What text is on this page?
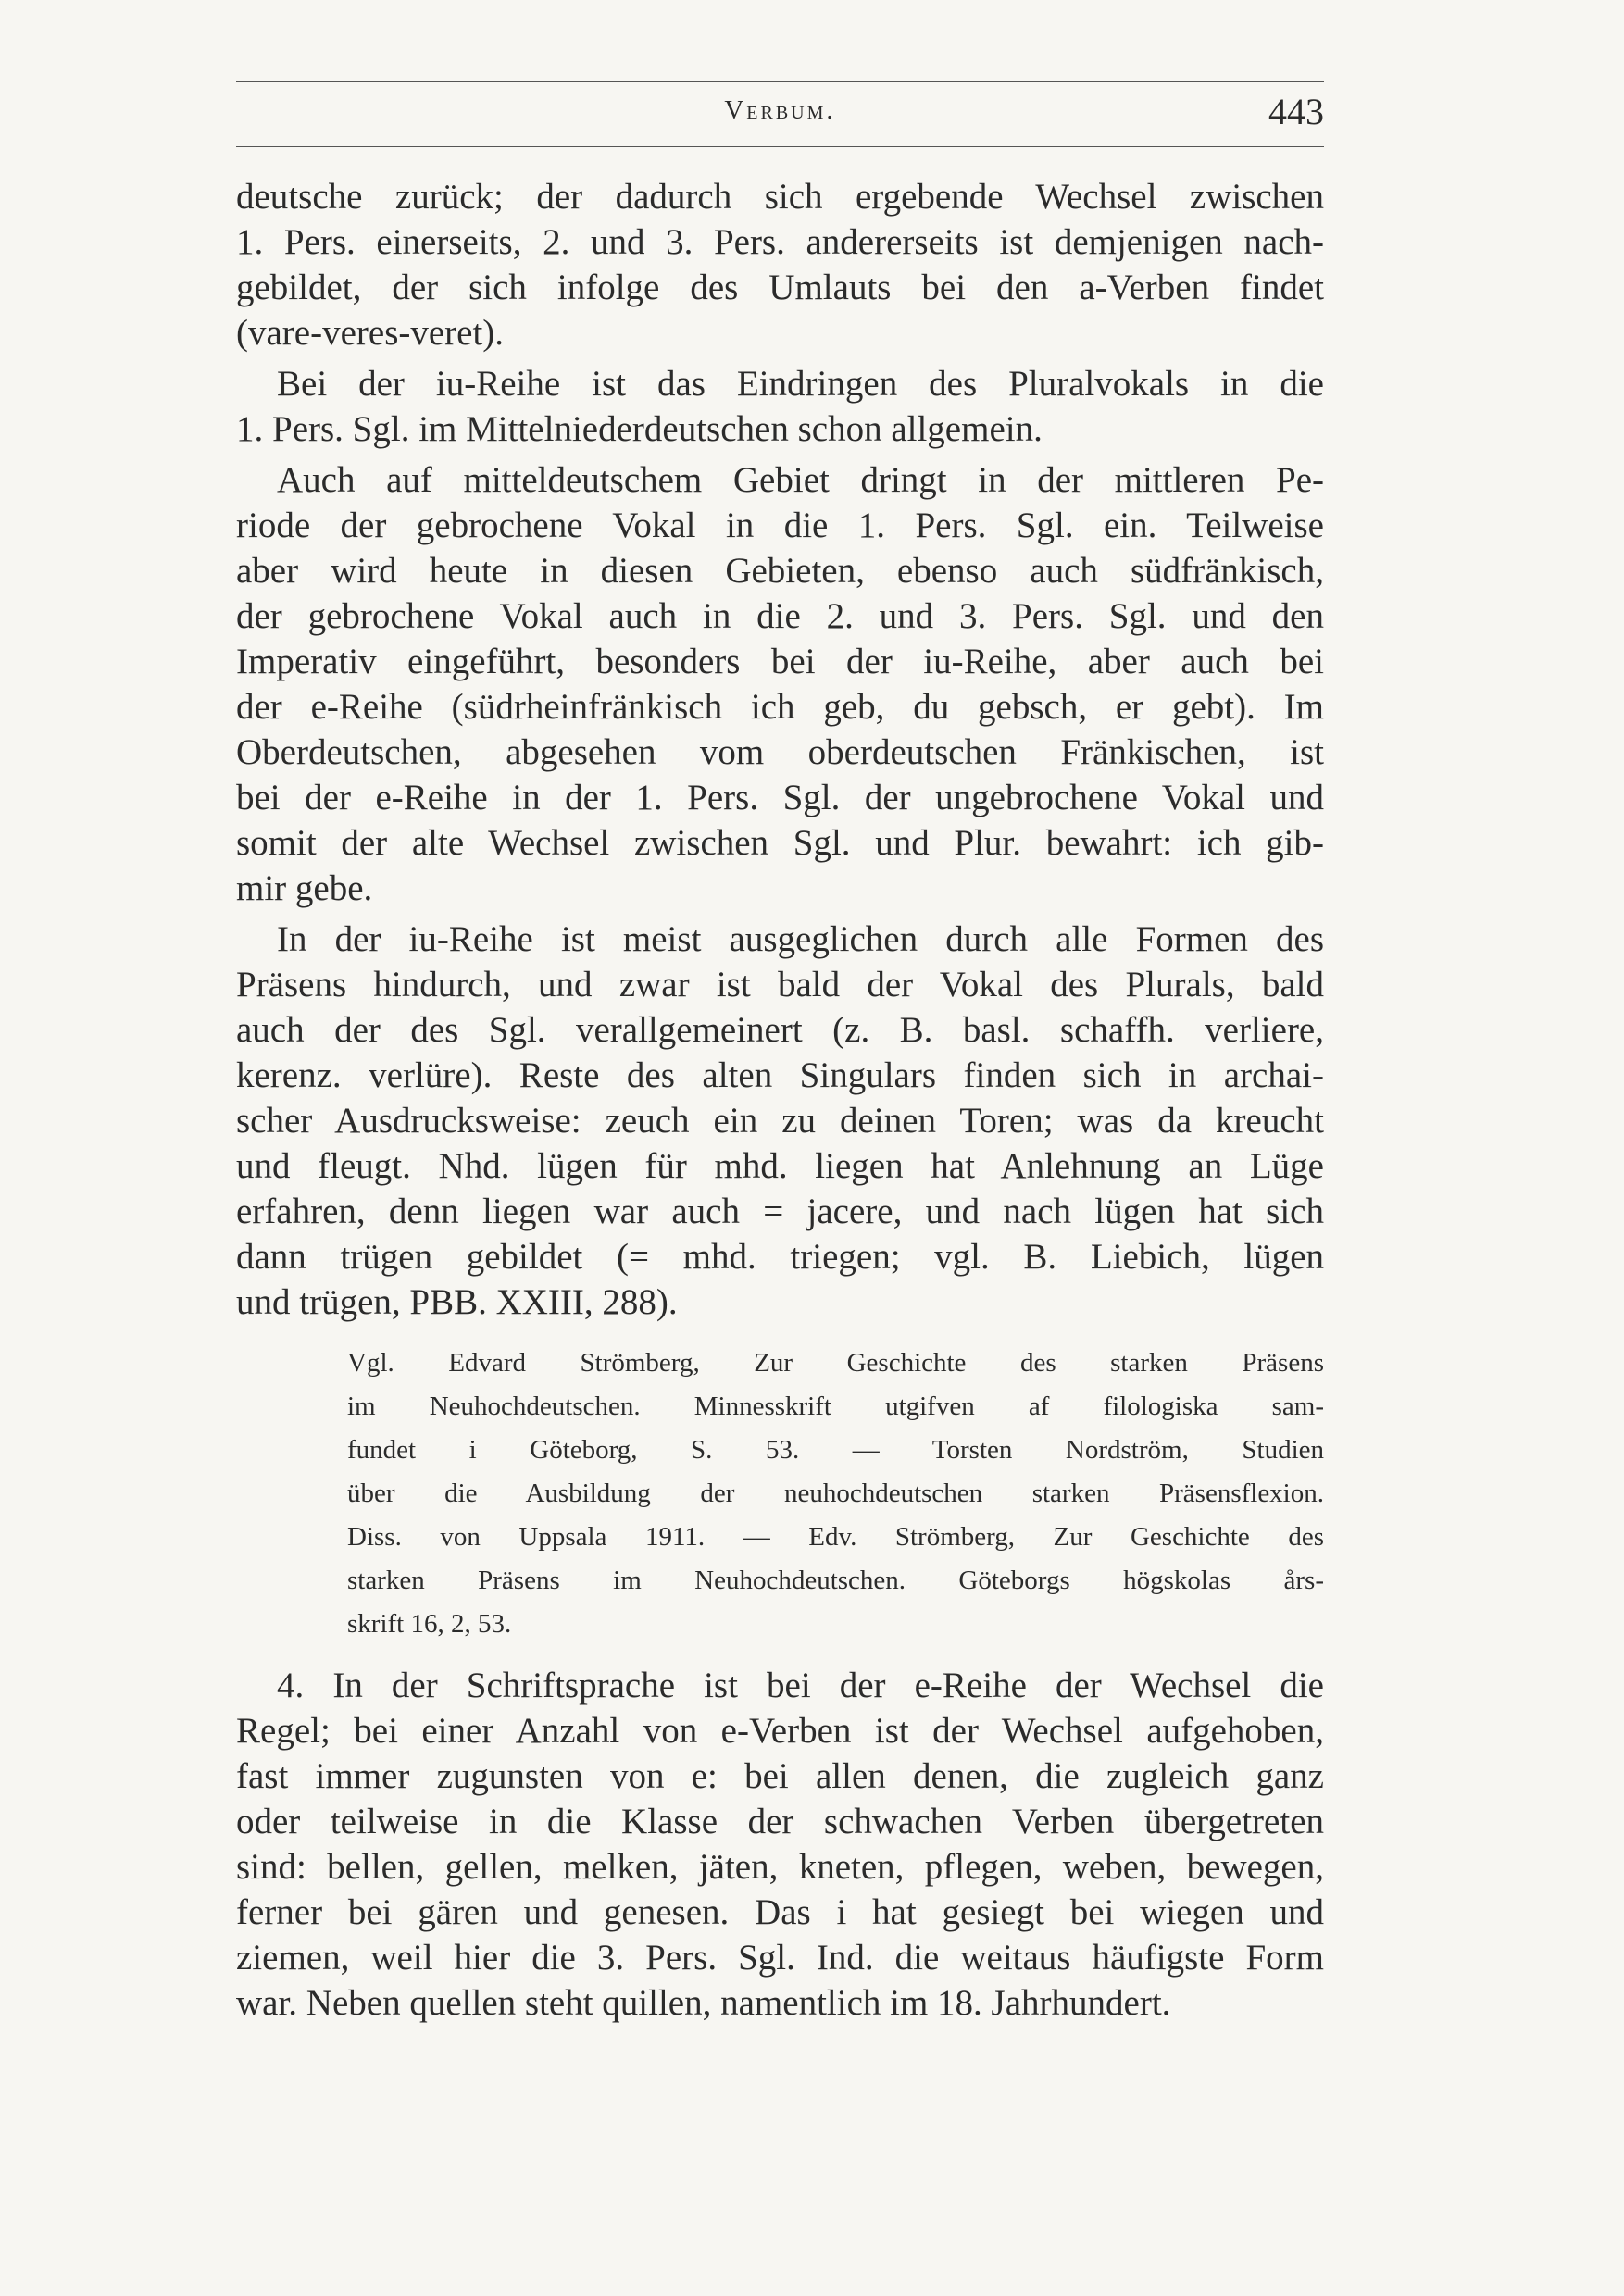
Verbum.	443

deutsche zurück; der dadurch sich ergebende Wechsel zwischen
1. Pers. einerseits, 2. und 3. Pers. andererseits ist demjenigen nach-
gebildet, der sich infolge des Umlauts bei den a-Verben findet
(vare-veres-veret).

Bei der iu-Reihe ist das Eindringen des Pluralvokals in die
1. Pers. Sgl. im Mittelniederdeutschen schon allgemein.

Auch auf mitteldeutschem Gebiet dringt in der mittleren Pe-
riode der gebrochene Vokal in die 1. Pers. Sgl. ein. Teilweise
aber wird heute in diesen Gebieten, ebenso auch südfränkisch,
der gebrochene Vokal auch in die 2. und 3. Pers. Sgl. und den
Imperativ eingeführt, besonders bei der iu-Reihe, aber auch bei
der e-Reihe (südrheinfränkisch ich geb, du gebsch, er gebt). Im
Oberdeutschen, abgesehen vom oberdeutschen Fränkischen, ist
bei der e-Reihe in der 1. Pers. Sgl. der ungebrochene Vokal und
somit der alte Wechsel zwischen Sgl. und Plur. bewahrt: ich gib-
mir gebe.

In der iu-Reihe ist meist ausgeglichen durch alle Formen des
Präsens hindurch, und zwar ist bald der Vokal des Plurals, bald
auch der des Sgl. verallgemeinert (z. B. basl. schaffh. verliere,
kerenz. verlüre). Reste des alten Singulars finden sich in archai-
scher Ausdrucksweise: zeuch ein zu deinen Toren; was da kreucht
und fleugt. Nhd. lügen für mhd. liegen hat Anlehnung an Lüge
erfahren, denn liegen war auch = jacere, und nach lügen hat sich
dann trügen gebildet (= mhd. triegen; vgl. B. Liebich, lügen
und trügen, PBB. XXIII, 288).

Vgl. Edvard Strömberg, Zur Geschichte des starken Präsens
im Neuhochdeutschen. Minnesskrift utgifven af filologiska sam-
fundet i Göteborg, S. 53. — Torsten Nordström, Studien
über die Ausbildung der neuhochdeutschen starken Präsensflexion.
Diss. von Uppsala 1911. — Edv. Strömberg, Zur Geschichte des
starken Präsens im Neuhochdeutschen. Göteborgs högskolas års-
skrift 16, 2, 53.

4. In der Schriftsprache ist bei der e-Reihe der Wechsel die
Regel; bei einer Anzahl von e-Verben ist der Wechsel aufgehoben,
fast immer zugunsten von e: bei allen denen, die zugleich ganz
oder teilweise in die Klasse der schwachen Verben übergetreten
sind: bellen, gellen, melken, jäten, kneten, pflegen, weben, bewegen,
ferner bei gären und genesen. Das i hat gesiegt bei wiegen und
ziemen, weil hier die 3. Pers. Sgl. Ind. die weitaus häufigste Form
war. Neben quellen steht quillen, namentlich im 18. Jahrhundert.
